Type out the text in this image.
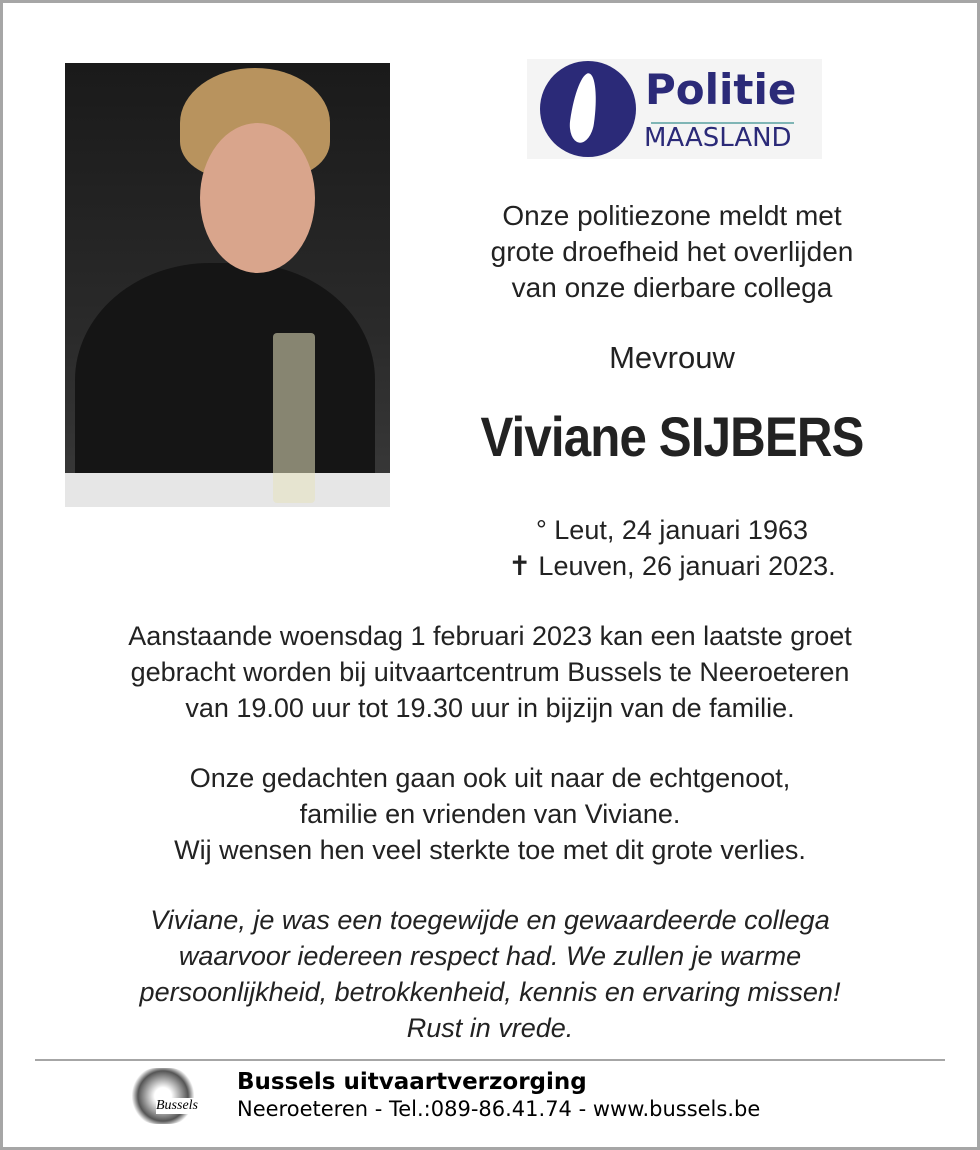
Politie
MAASLAND
Onze politiezone meldt met
grote droefheid het overlijden
van onze dierbare collega
Mevrouw
Viviane SIJBERS
° Leut, 24 januari 1963
✝ Leuven, 26 januari 2023.
Aanstaande woensdag 1 februari 2023 kan een laatste groet
gebracht worden bij uitvaartcentrum Bussels te Neeroeteren
van 19.00 uur tot 19.30 uur in bijzijn van de familie.
Onze gedachten gaan ook uit naar de echtgenoot,
familie en vrienden van Viviane.
Wij wensen hen veel sterkte toe met dit grote verlies.
Viviane, je was een toegewijde en gewaardeerde collega
waarvoor iedereen respect had. We zullen je warme
persoonlijkheid, betrokkenheid, kennis en ervaring missen!
Rust in vrede.
Bussels
Bussels uitvaartverzorging
Neeroeteren - Tel.:089-86.41.74 - www.bussels.be
